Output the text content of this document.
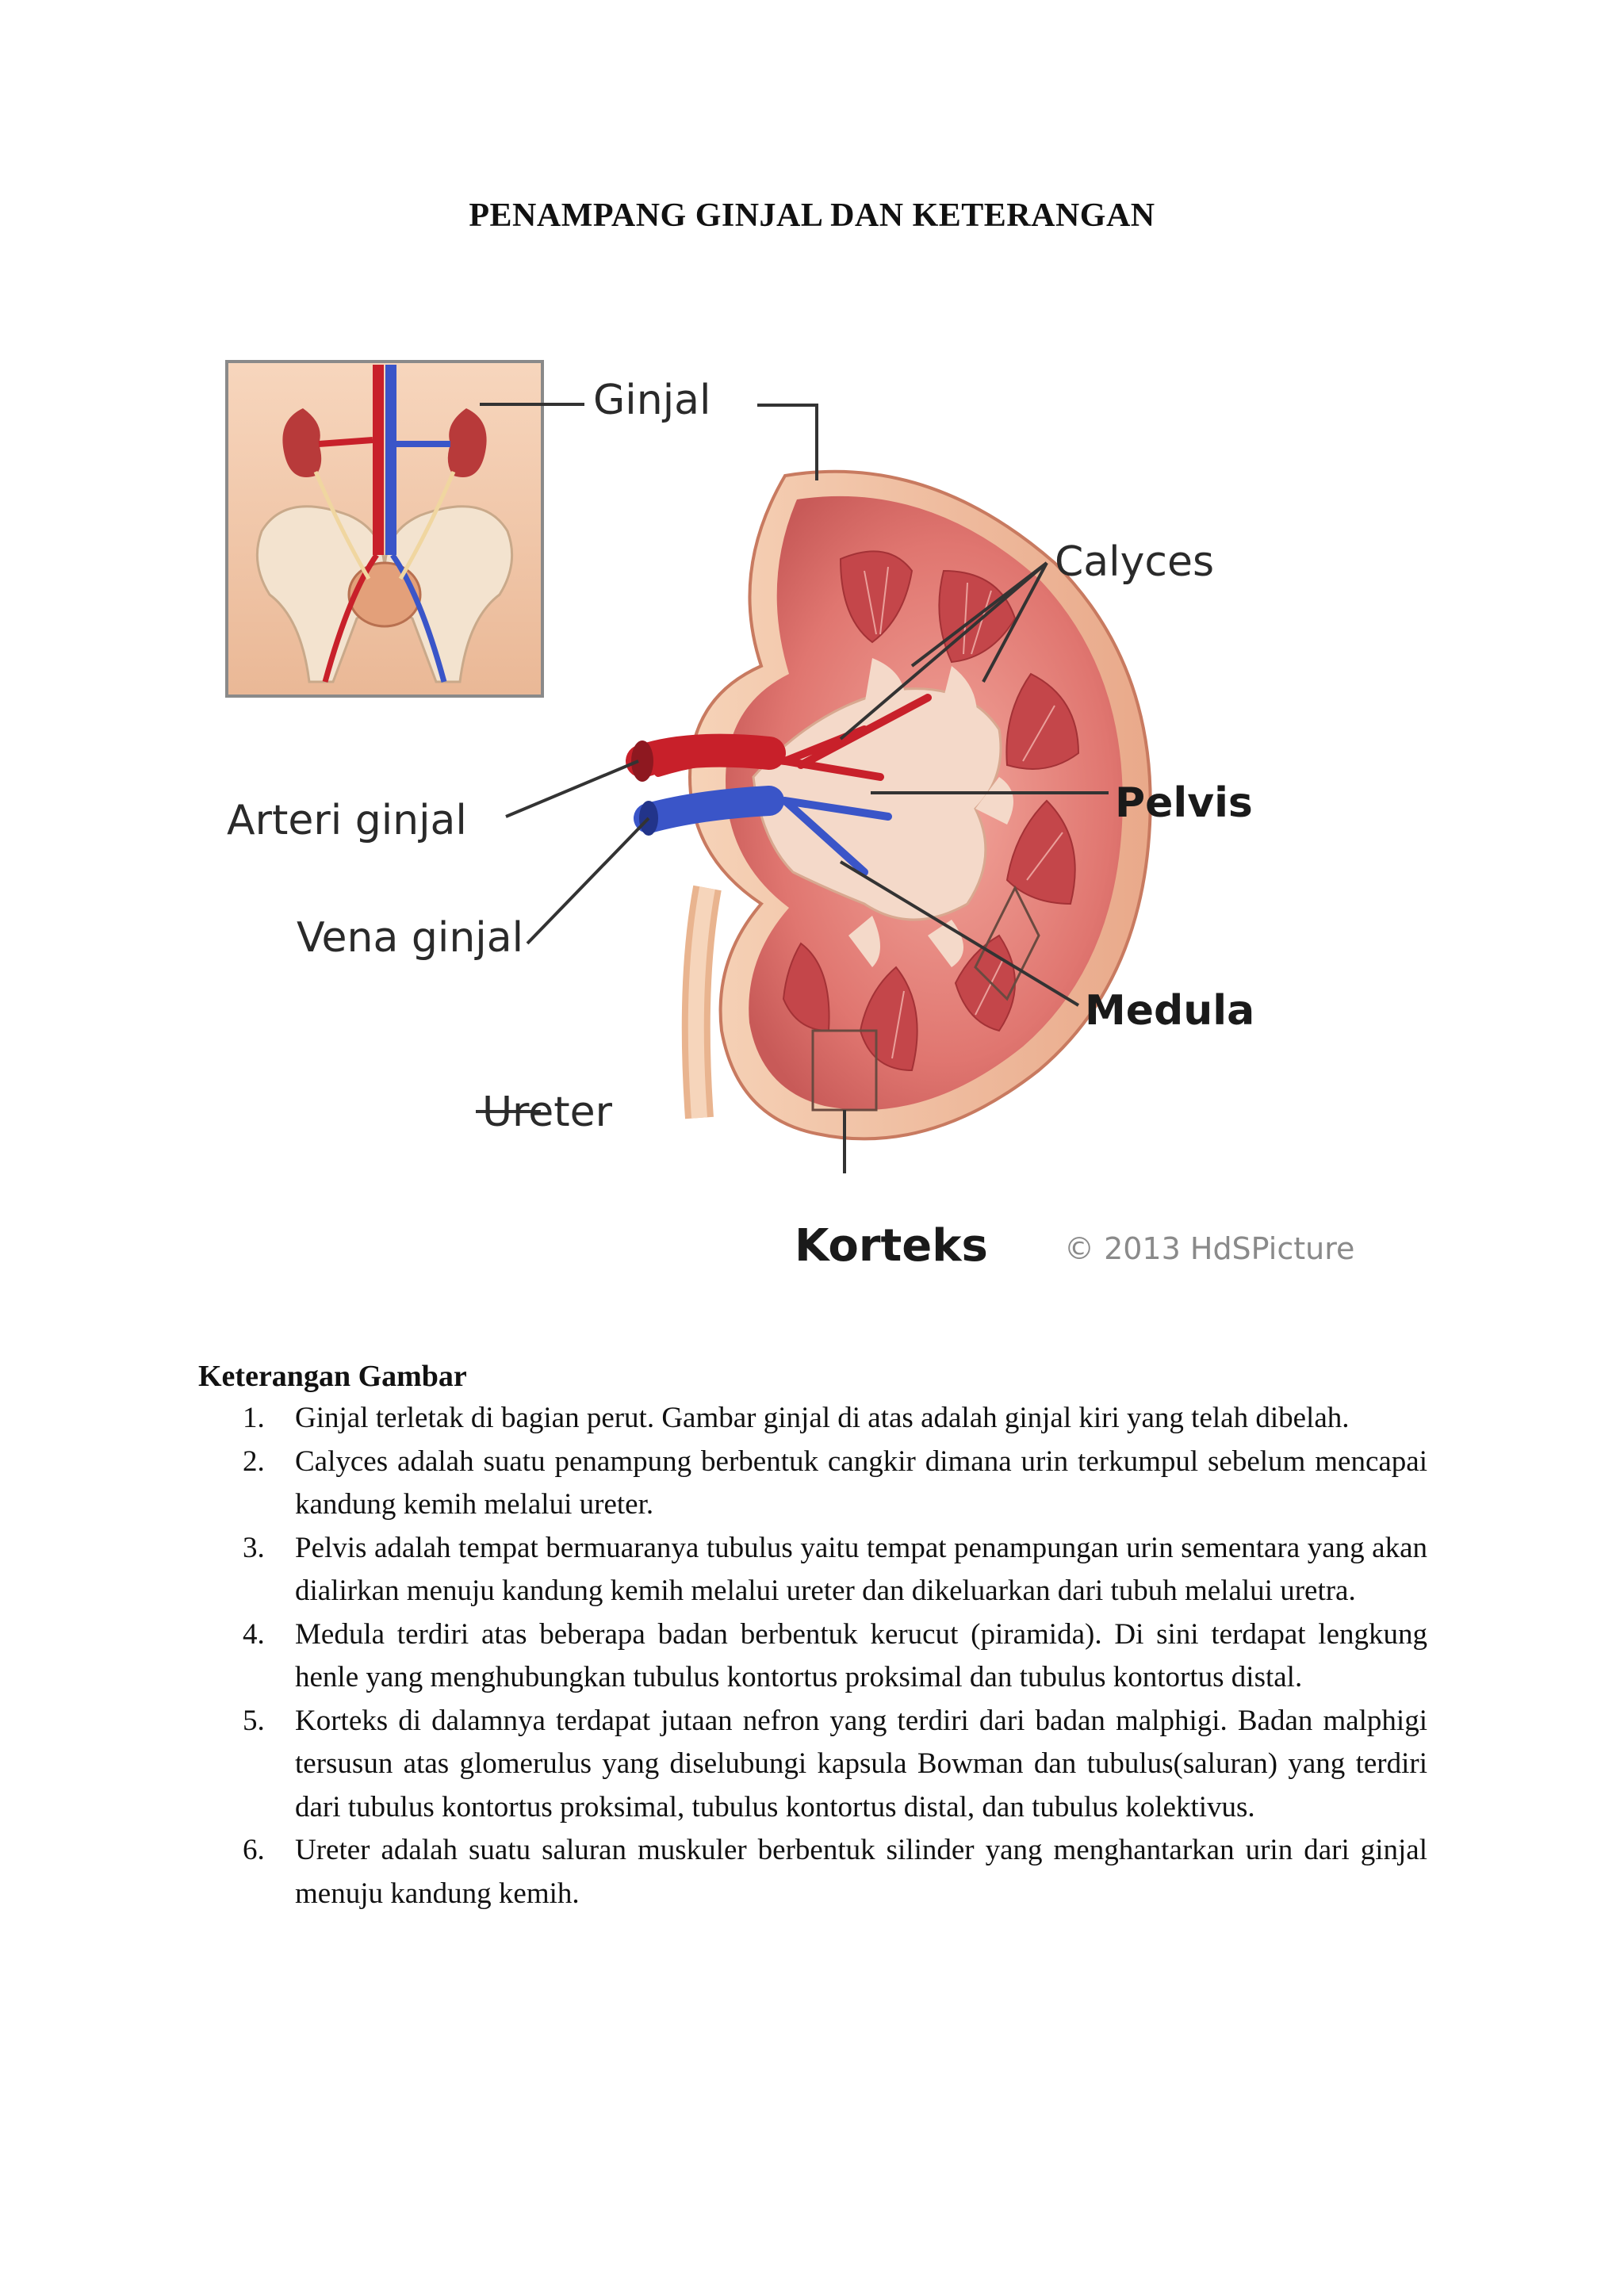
PENAMPANG GINJAL DAN KETERANGAN
Ginjal
Calyces
Arteri ginjal	Pelvis
Vena ginjal
Medula
Ureter
Korteks	© 2013 HdSPicture
Keterangan Gambar
1. Ginjal terletak di bagian perut. Gambar ginjal di atas adalah ginjal kiri yang telah dibelah.
2. Calyces adalah suatu penampung berbentuk cangkir dimana urin terkumpul sebelum mencapai kandung kemih melalui ureter.
3. Pelvis adalah tempat bermuaranya tubulus yaitu tempat penampungan urin sementara yang akan dialirkan menuju kandung kemih melalui ureter dan dikeluarkan dari tubuh melalui uretra.
4. Medula terdiri atas beberapa badan berbentuk kerucut (piramida). Di sini terdapat lengkung henle yang menghubungkan tubulus kontortus proksimal dan tubulus kontortus distal.
5. Korteks di dalamnya terdapat jutaan nefron yang terdiri dari badan malphigi. Badan malphigi tersusun atas glomerulus yang diselubungi kapsula Bowman dan tubulus(saluran) yang terdiri dari tubulus kontortus proksimal, tubulus kontortus distal, dan tubulus kolektivus.
6. Ureter adalah suatu saluran muskuler berbentuk silinder yang menghantarkan urin dari ginjal menuju kandung kemih.
